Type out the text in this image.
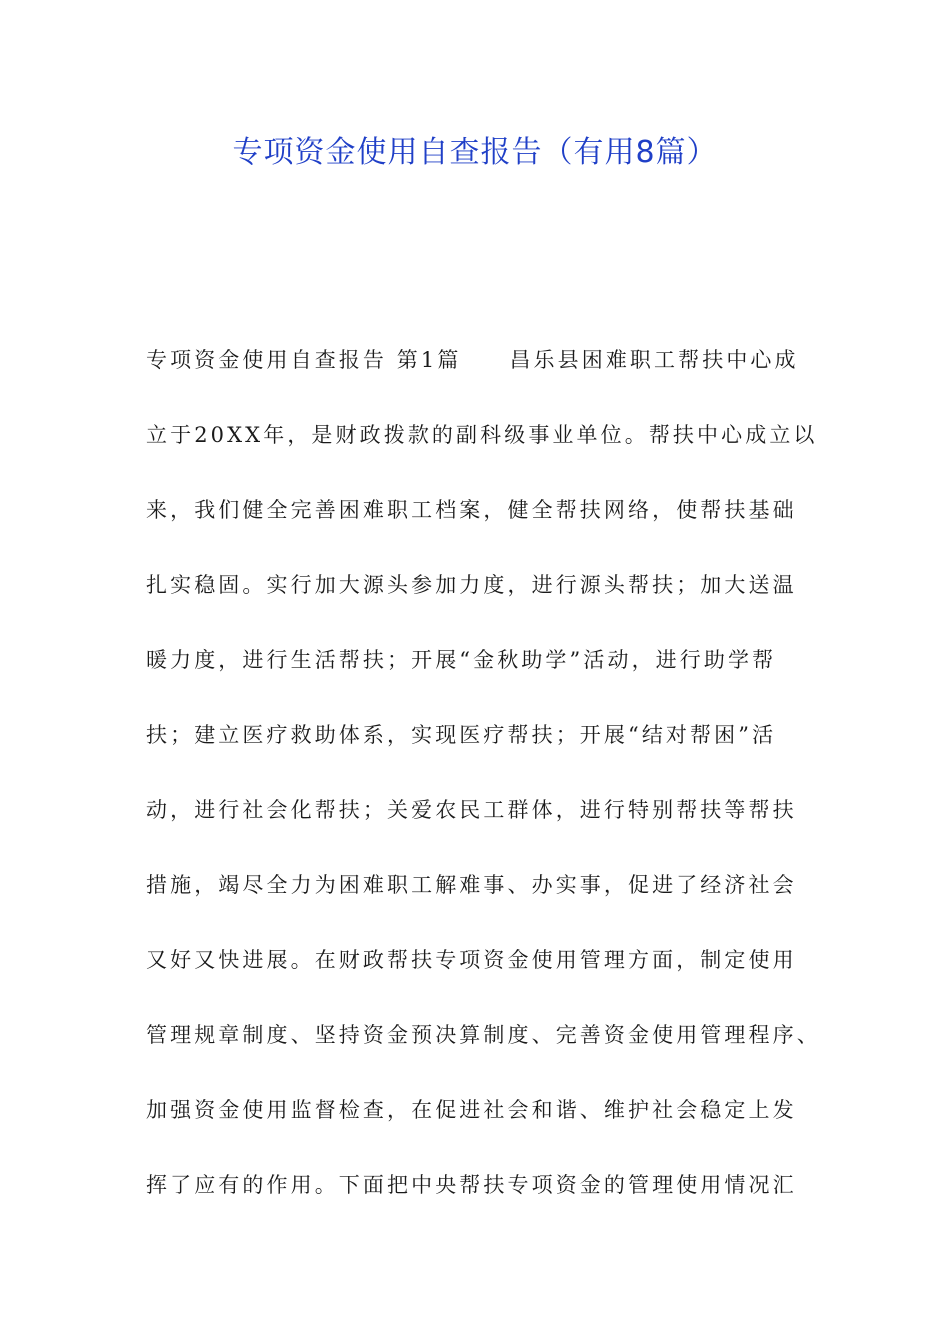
专项资金使用自查报告（有用8篇）
专项资金使用自查报告 第1篇 昌乐县困难职工帮扶中心成
立于20XX年，是财政拨款的副科级事业单位。帮扶中心成立以
来，我们健全完善困难职工档案，健全帮扶网络，使帮扶基础
扎实稳固。实行加大源头参加力度，进行源头帮扶；加大送温
暖力度，进行生活帮扶；开展“金秋助学”活动，进行助学帮
扶；建立医疗救助体系，实现医疗帮扶；开展“结对帮困”活
动，进行社会化帮扶；关爱农民工群体，进行特别帮扶等帮扶
措施，竭尽全力为困难职工解难事、办实事，促进了经济社会
又好又快进展。在财政帮扶专项资金使用管理方面，制定使用
管理规章制度、坚持资金预决算制度、完善资金使用管理程序、
加强资金使用监督检查，在促进社会和谐、维护社会稳定上发
挥了应有的作用。下面把中央帮扶专项资金的管理使用情况汇
